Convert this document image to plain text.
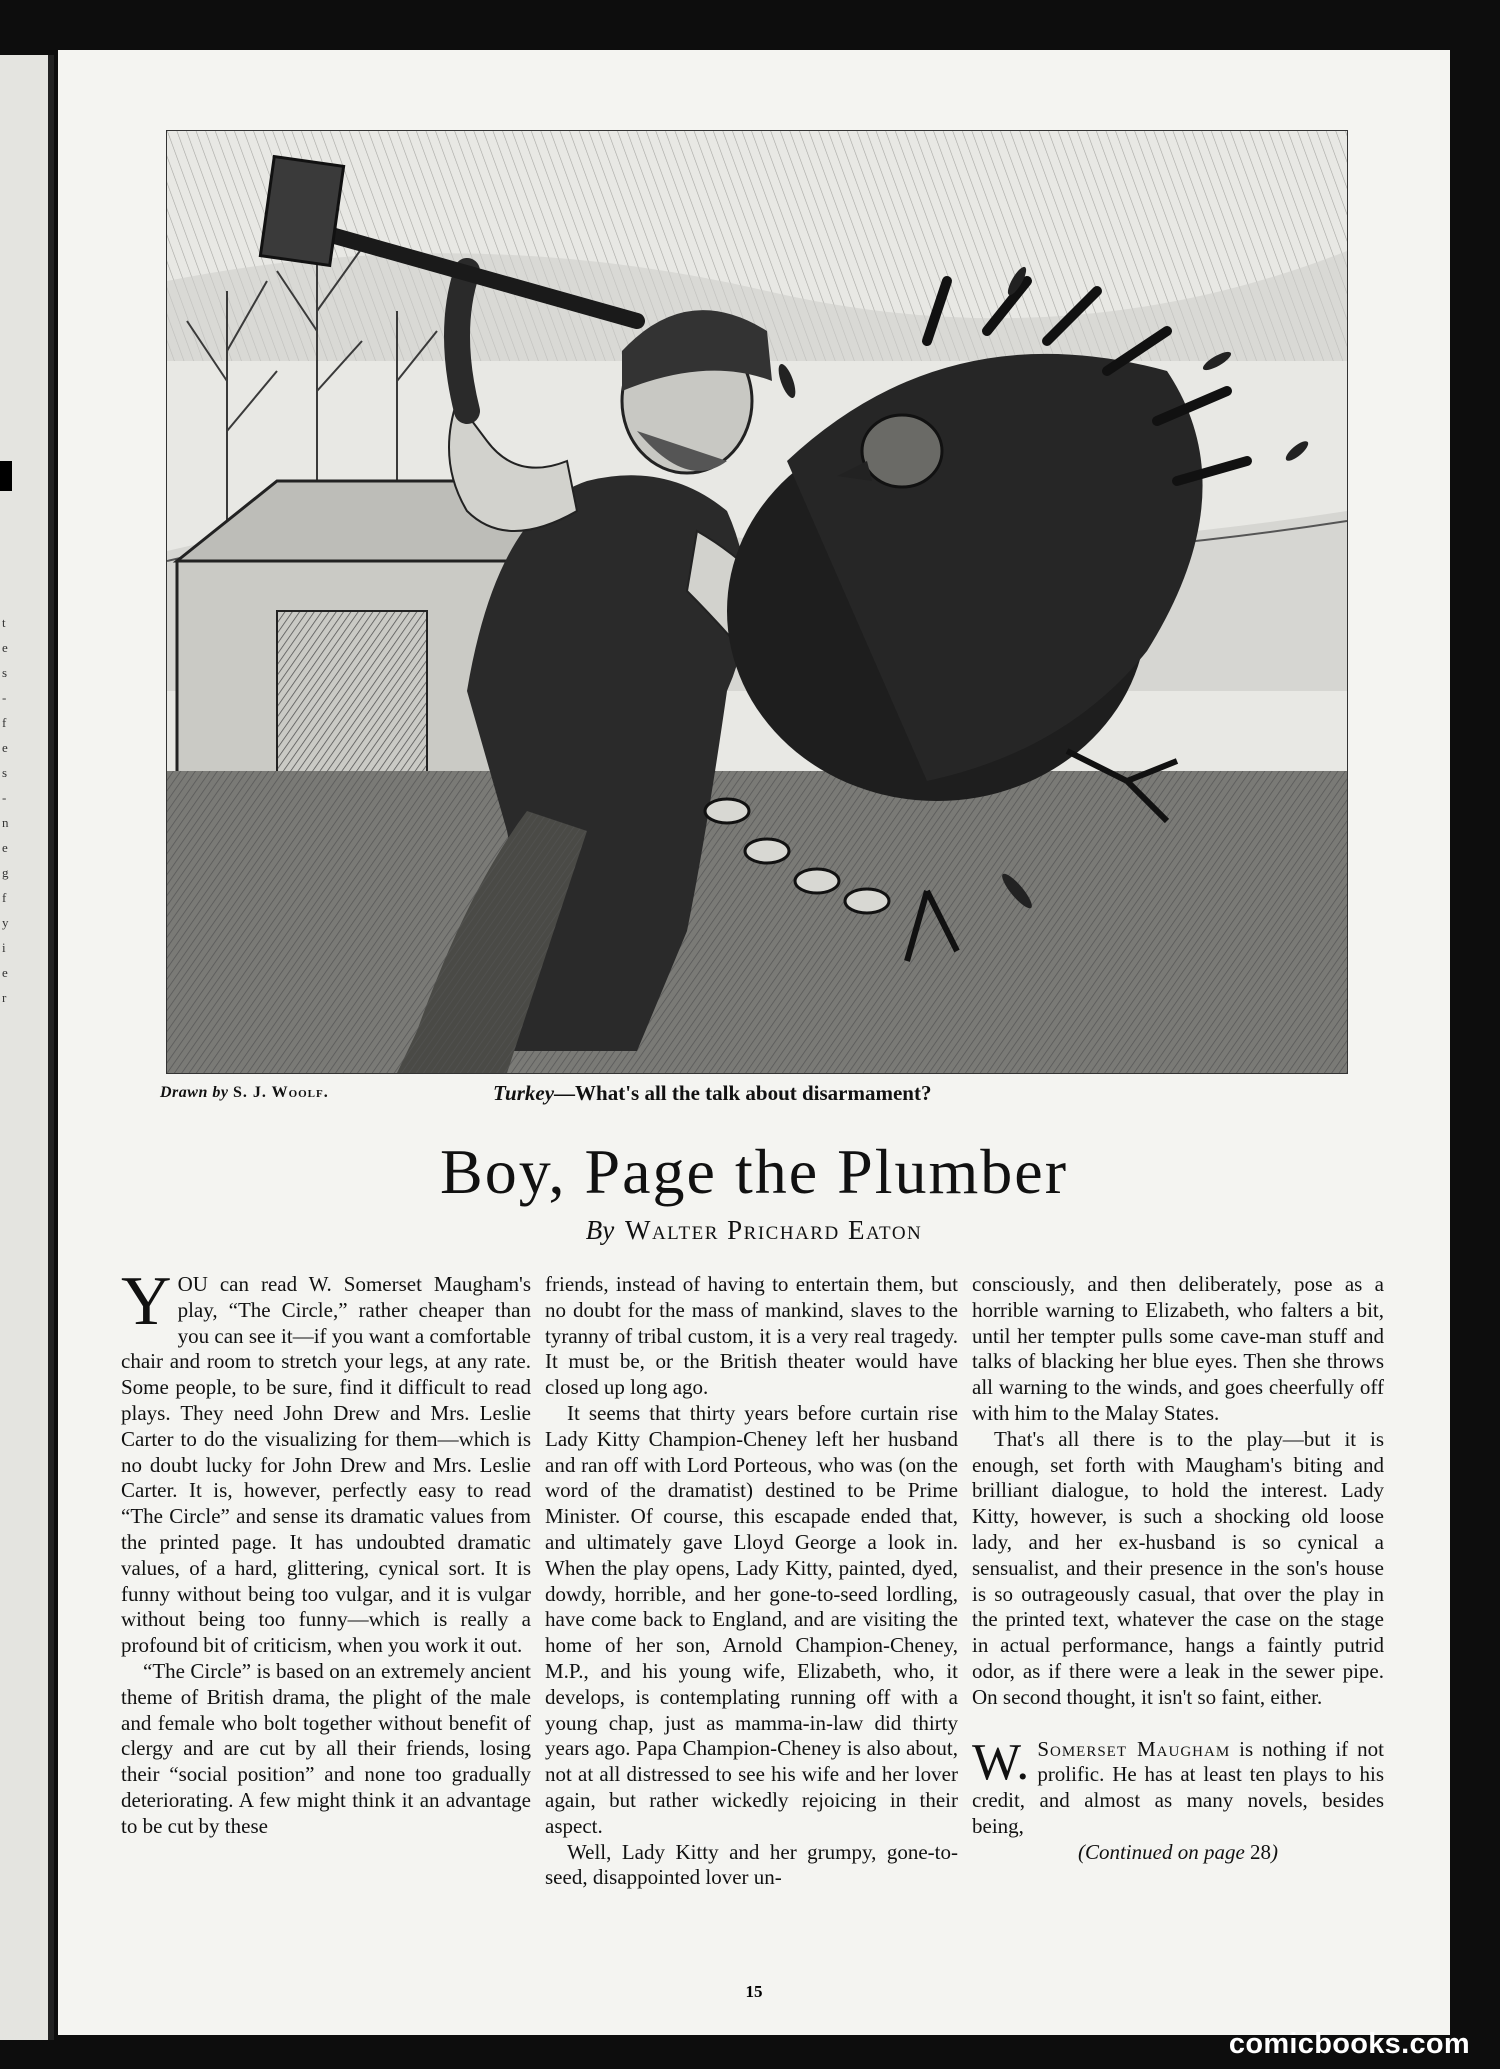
t
e
s
-
f
e
s
-
n
e
g
f
y
i
e
r
Drawn by S. J. Woolf.	Turkey—What's all the talk about disarmament?
Boy, Page the Plumber
By Walter Prichard Eaton

YOU can read W. Somerset Maugham's play, “The Circle,” rather cheaper than you can see it—if you want a comfortable chair and room to stretch your legs, at any rate. Some people, to be sure, find it difficult to read plays. They need John Drew and Mrs. Leslie Carter to do the visualizing for them—which is no doubt lucky for John Drew and Mrs. Leslie Carter. It is, however, perfectly easy to read “The Circle” and sense its dramatic values from the printed page. It has undoubted dramatic values, of a hard, glittering, cynical sort. It is funny without being too vulgar, and it is vulgar without being too funny—which is really a profound bit of criticism, when you work it out.

“The Circle” is based on an extremely ancient theme of British drama, the plight of the male and female who bolt together without benefit of clergy and are cut by all their friends, losing their “social position” and none too gradually deteriorating. A few might think it an advantage to be cut by these

friends, instead of having to entertain them, but no doubt for the mass of mankind, slaves to the tyranny of tribal custom, it is a very real tragedy. It must be, or the British theater would have closed up long ago.

It seems that thirty years before curtain rise Lady Kitty Champion-Cheney left her husband and ran off with Lord Porteous, who was (on the word of the dramatist) destined to be Prime Minister. Of course, this escapade ended that, and ultimately gave Lloyd George a look in. When the play opens, Lady Kitty, painted, dyed, dowdy, horrible, and her gone-to-seed lordling, have come back to England, and are visiting the home of her son, Arnold Champion-Cheney, M.P., and his young wife, Elizabeth, who, it develops, is contemplating running off with a young chap, just as mamma-in-law did thirty years ago. Papa Champion-Cheney is also about, not at all distressed to see his wife and her lover again, but rather wickedly rejoicing in their aspect.

Well, Lady Kitty and her grumpy, gone-to-seed, disappointed lover un-

consciously, and then deliberately, pose as a horrible warning to Elizabeth, who falters a bit, until her tempter pulls some cave-man stuff and talks of blacking her blue eyes. Then she throws all warning to the winds, and goes cheerfully off with him to the Malay States.

That's all there is to the play—but it is enough, set forth with Maugham's biting and brilliant dialogue, to hold the interest. Lady Kitty, however, is such a shocking old loose lady, and her ex-husband is so cynical a sensualist, and their presence in the son's house is so outrageously casual, that over the play in the printed text, whatever the case on the stage in actual performance, hangs a faintly putrid odor, as if there were a leak in the sewer pipe. On second thought, it isn't so faint, either.

W. Somerset Maugham is nothing if not prolific. He has at least ten plays to his credit, and almost as many novels, besides being,

(Continued on page 28)

15
comicbooks.com
